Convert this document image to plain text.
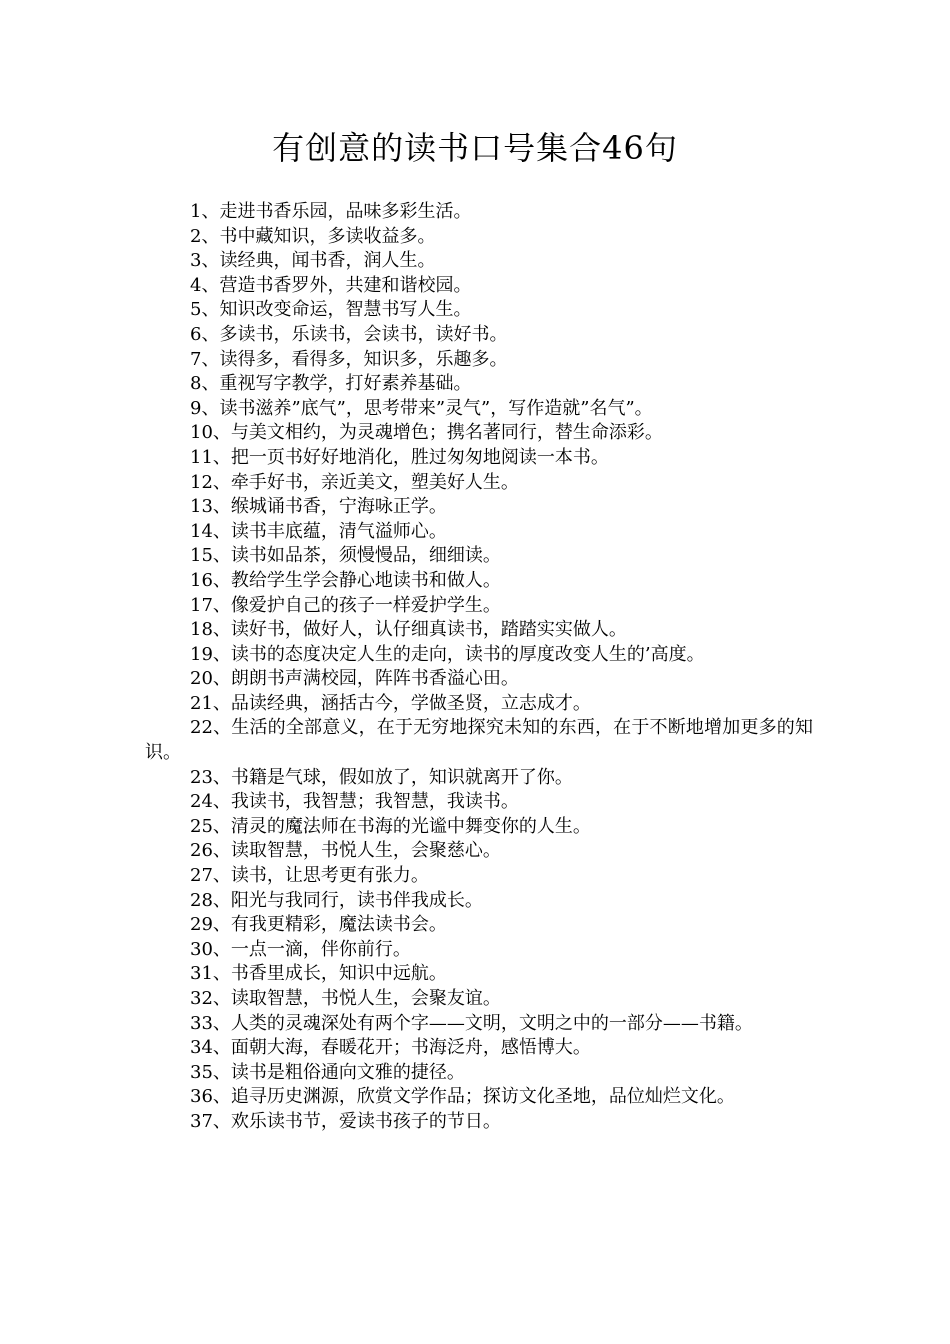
有创意的读书口号集合46句
1、走进书香乐园，品味多彩生活。
2、书中藏知识，多读收益多。
3、读经典，闻书香，润人生。
4、营造书香罗外，共建和谐校园。
5、知识改变命运，智慧书写人生。
6、多读书，乐读书，会读书，读好书。
7、读得多，看得多，知识多，乐趣多。
8、重视写字教学，打好素养基础。
9、读书滋养”底气”，思考带来”灵气”，写作造就”名气”。
10、与美文相约，为灵魂增色；携名著同行，替生命添彩。
11、把一页书好好地消化，胜过匆匆地阅读一本书。
12、牵手好书，亲近美文，塑美好人生。
13、缑城诵书香，宁海咏正学。
14、读书丰底蕴，清气溢师心。
15、读书如品茶，须慢慢品，细细读。
16、教给学生学会静心地读书和做人。
17、像爱护自己的孩子一样爱护学生。
18、读好书，做好人，认仔细真读书，踏踏实实做人。
19、读书的态度决定人生的走向，读书的厚度改变人生的’高度。
20、朗朗书声满校园，阵阵书香溢心田。
21、品读经典，涵括古今，学做圣贤，立志成才。
22、生活的全部意义，在于无穷地探究未知的东西，在于不断地增加更多的知识。
23、书籍是气球，假如放了，知识就离开了你。
24、我读书，我智慧；我智慧，我读书。
25、清灵的魔法师在书海的光谧中舞变你的人生。
26、读取智慧，书悦人生，会聚慈心。
27、读书，让思考更有张力。
28、阳光与我同行，读书伴我成长。
29、有我更精彩，魔法读书会。
30、一点一滴，伴你前行。
31、书香里成长，知识中远航。
32、读取智慧，书悦人生，会聚友谊。
33、人类的灵魂深处有两个字——文明，文明之中的一部分——书籍。
34、面朝大海，春暖花开；书海泛舟，感悟博大。
35、读书是粗俗通向文雅的捷径。
36、追寻历史渊源，欣赏文学作品；探访文化圣地，品位灿烂文化。
37、欢乐读书节，爱读书孩子的节日。
